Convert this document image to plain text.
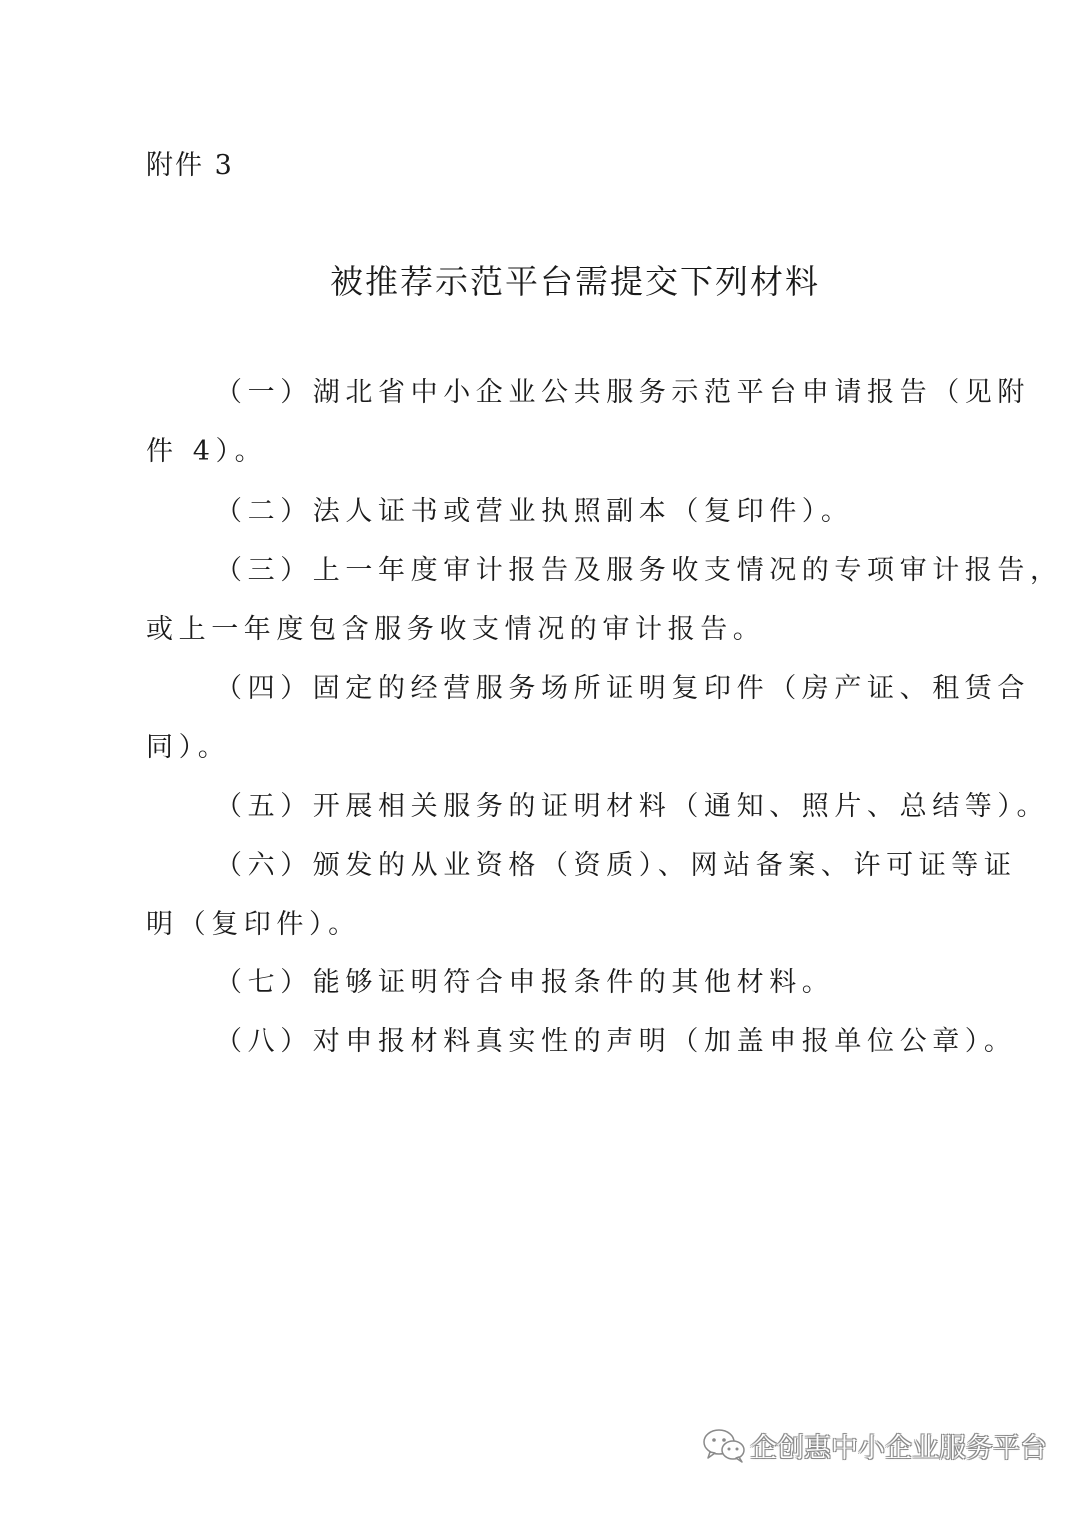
附件 3
被推荐示范平台需提交下列材料
（一）湖北省中小企业公共服务示范平台申请报告（见附
件 4）。
（二）法人证书或营业执照副本（复印件）。
（三）上一年度审计报告及服务收支情况的专项审计报告，
或上一年度包含服务收支情况的审计报告。
（四）固定的经营服务场所证明复印件（房产证、租赁合
同）。
（五）开展相关服务的证明材料（通知、照片、总结等）。
（六）颁发的从业资格（资质）、网站备案、许可证等证
明（复印件）。
（七）能够证明符合申报条件的其他材料。
（八）对申报材料真实性的声明（加盖申报单位公章）。
企创惠中小企业服务平台
